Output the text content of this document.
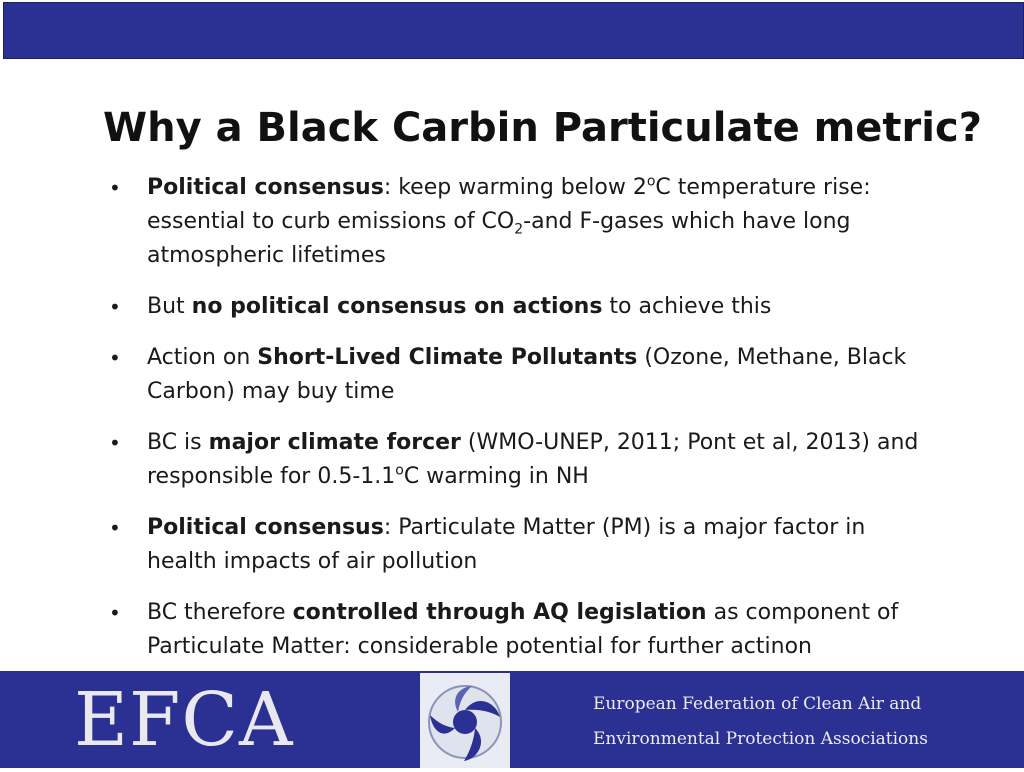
Why a Black Carbin Particulate metric?
• Political consensus: keep warming below 2$^o$C temperature rise: essential to curb emissions of $CO_2$-and F-gases which have long atmospheric lifetimes
• But no political consensus on actions to achieve this
• Action on Short-Lived Climate Pollutants (Ozone, Methane, Black Carbon) may buy time
• BC is major climate forcer (WMO-UNEP, 2011; Pont et al, 2013) and responsible for 0.5-1.1$^o$C warming in NH
• Political consensus: Particulate Matter (PM) is a major factor in health impacts of air pollution
• BC therefore controlled through AQ legislation as component of Particulate Matter: considerable potential for further actinon
EFCA	European Federation of Clean Air and
Environmental Protection Associations
